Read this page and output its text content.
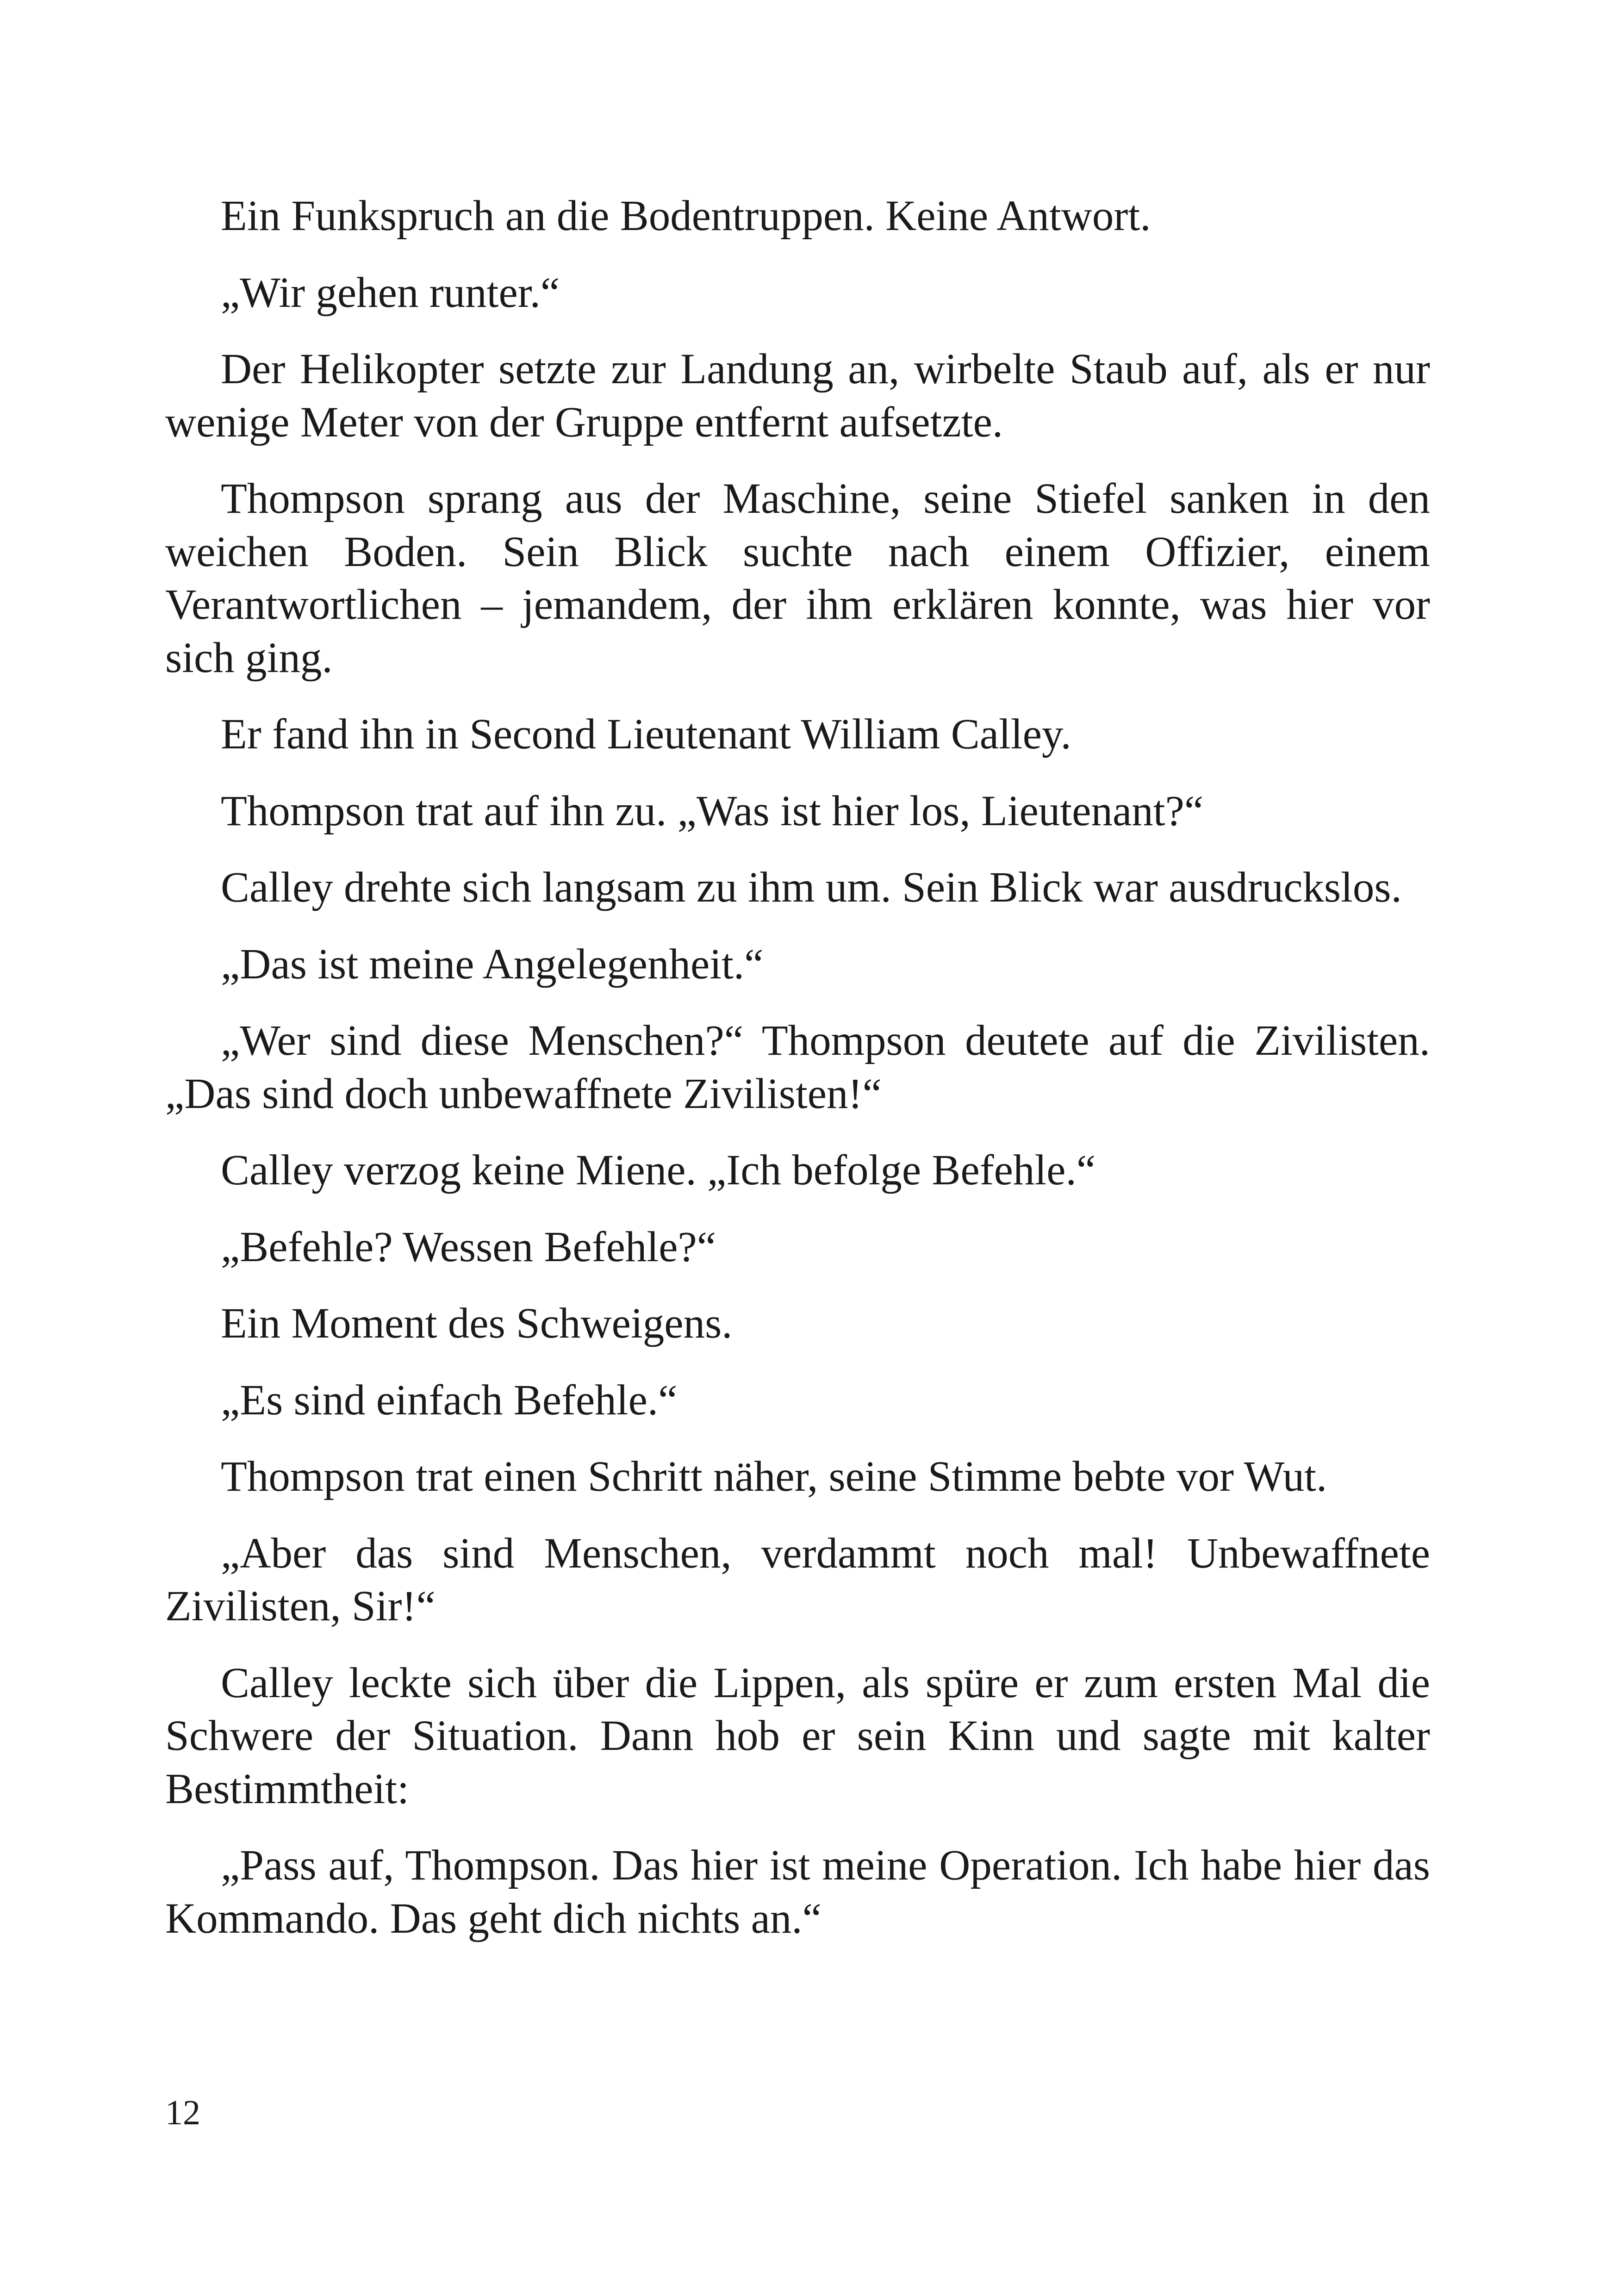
Ein Funkspruch an die Bodentruppen. Keine Antwort.

„Wir gehen runter.“

Der Helikopter setzte zur Landung an, wirbelte Staub auf, als er nur wenige Meter von der Gruppe entfernt aufsetzte.

Thompson sprang aus der Maschine, seine Stiefel sanken in den weichen Boden. Sein Blick suchte nach einem Offizier, einem Verantwortlichen – jemandem, der ihm erklären konnte, was hier vor sich ging.

Er fand ihn in Second Lieutenant William Calley.

Thompson trat auf ihn zu. „Was ist hier los, Lieutenant?“

Calley drehte sich langsam zu ihm um. Sein Blick war ausdruckslos.

„Das ist meine Angelegenheit.“

„Wer sind diese Menschen?“ Thompson deutete auf die Zivilisten. „Das sind doch unbewaffnete Zivilisten!“

Calley verzog keine Miene. „Ich befolge Befehle.“

„Befehle? Wessen Befehle?“

Ein Moment des Schweigens.

„Es sind einfach Befehle.“

Thompson trat einen Schritt näher, seine Stimme bebte vor Wut.

„Aber das sind Menschen, verdammt noch mal! Unbewaffnete Zivilisten, Sir!“

Calley leckte sich über die Lippen, als spüre er zum ersten Mal die Schwere der Situation. Dann hob er sein Kinn und sagte mit kalter Bestimmtheit:

„Pass auf, Thompson. Das hier ist meine Operation. Ich habe hier das Kommando. Das geht dich nichts an.“

12
